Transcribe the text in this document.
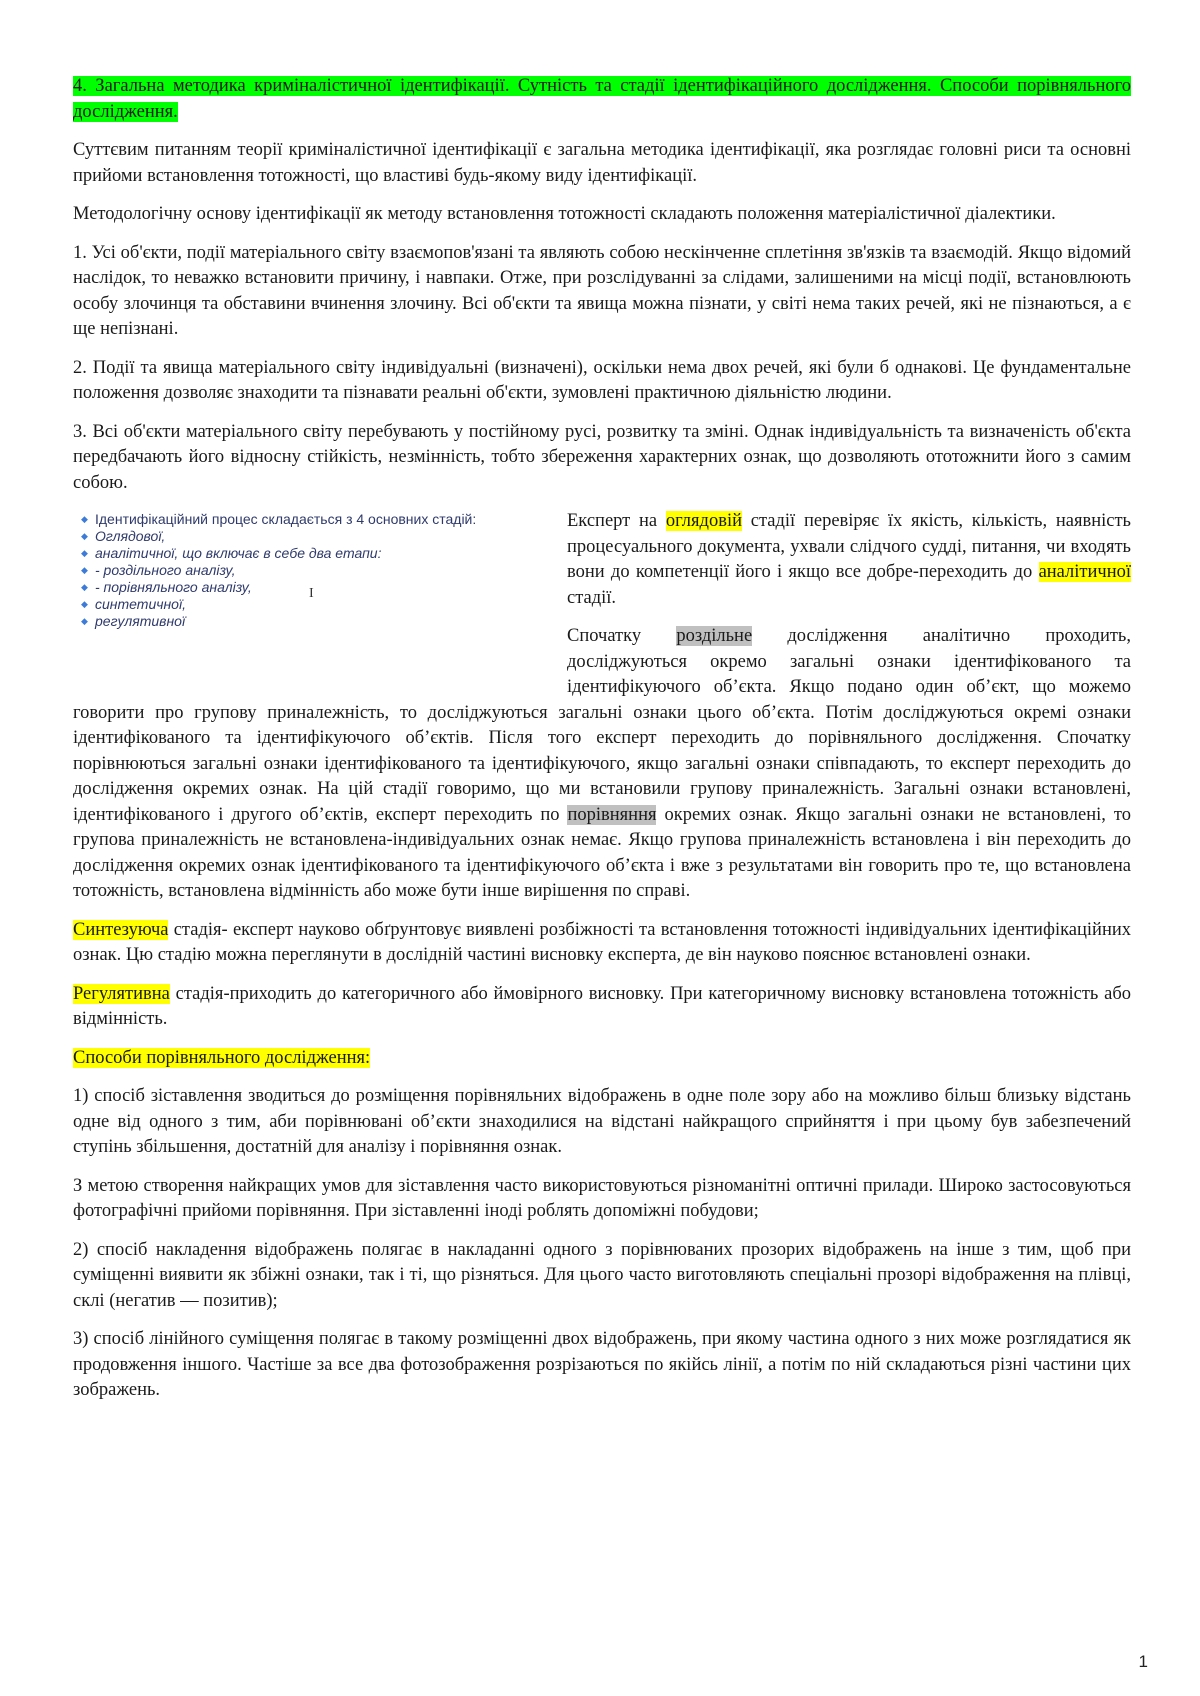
4. Загальна методика криміналістичної ідентифікації. Сутність та стадії ідентифікаційного дослідження. Способи порівняльного дослідження.

Суттєвим питанням теорії криміналістичної ідентифікації є загальна методика ідентифікації, яка розглядає головні риси та основні прийоми встановлення тотожності, що властиві будь-якому виду ідентифікації.

Методологічну основу ідентифікації як методу встановлення тотожності складають положення матеріалістичної діалектики.

1. Усі об'єкти, події матеріального світу взаємопов'язані та являють собою нескінченне сплетіння зв'язків та взаємодій. Якщо відомий наслідок, то неважко встановити причину, і навпаки. Отже, при розслідуванні за слідами, залишеними на місці події, встановлюють особу злочинця та обставини вчинення злочину. Всі об'єкти та явища можна пізнати, у світі нема таких речей, які не пізнаються, а є ще непізнані.

2. Події та явища матеріального світу індивідуальні (визначені), оскільки нема двох речей, які були б однакові. Це фундаментальне положення дозволяє знаходити та пізнавати реальні об'єкти, зумовлені практичною діяльністю людини.

3. Всі об'єкти матеріального світу перебувають у постійному русі, розвитку та зміні. Однак індивідуальність та визначеність об'єкта передбачають його відносну стійкість, незмінність, тобто збереження характерних ознак, що дозволяють ототожнити його з самим собою.

◆ Ідентифікаційний процес складається з 4 основних стадій:
◆ Оглядової,
◆ аналітичної, що включає в себе два етапи:
◆ - роздільного аналізу,
◆ - порівняльного аналізу,
◆ синтетичної,
◆ регулятивної
I

Експерт на оглядовій стадії перевіряє їх якість, кількість, наявність процесуального документа, ухвали слідчого судді, питання, чи входять вони до компетенції його і якщо все добре-переходить до аналітичної стадії.

Спочатку роздільне дослідження аналітично проходить, досліджуються окремо загальні ознаки ідентифікованого та ідентифікуючого об’єкта. Якщо подано один об’єкт, що можемо говорити про групову приналежність, то досліджуються загальні ознаки цього об’єкта. Потім досліджуються окремі ознаки ідентифікованого та ідентифікуючого об’єктів. Після того експерт переходить до порівняльного дослідження. Спочатку порівнюються загальні ознаки ідентифікованого та ідентифікуючого, якщо загальні ознаки співпадають, то експерт переходить до дослідження окремих ознак. На цій стадії говоримо, що ми встановили групову приналежність. Загальні ознаки встановлені, ідентифікованого і другого об’єктів, експерт переходить по порівняння окремих ознак. Якщо загальні ознаки не встановлені, то групова приналежність не встановлена-індивідуальних ознак немає. Якщо групова приналежність встановлена і він переходить до дослідження окремих ознак ідентифікованого та ідентифікуючого об’єкта і вже з результатами він говорить про те, що встановлена тотожність, встановлена відмінність або може бути інше вирішення по справі.

Синтезуюча стадія- експерт науково обґрунтовує виявлені розбіжності та встановлення тотожності індивідуальних ідентифікаційних ознак. Цю стадію можна переглянути в дослідній частині висновку експерта, де він науково пояснює встановлені ознаки.

Регулятивна стадія-приходить до категоричного або ймовірного висновку. При категоричному висновку встановлена тотожність або відмінність.

Способи порівняльного дослідження:

1) спосіб зіставлення зводиться до розміщення порівняльних відображень в одне поле зору або на можливо більш близьку відстань одне від одного з тим, аби порівнювані об’єкти знаходилися на відстані найкращого сприйняття і при цьому був забезпечений ступінь збільшення, достатній для аналізу і порівняння ознак.

З метою створення найкращих умов для зіставлення часто використовуються різноманітні оптичні прилади. Широко застосовуються фотографічні прийоми порівняння. При зіставленні іноді роблять допоміжні побудови;

2) спосіб накладення відображень полягає в накладанні одного з порівнюваних прозорих відображень на інше з тим, щоб при суміщенні виявити як збіжні ознаки, так і ті, що різняться. Для цього часто виготовляють спеціальні прозорі відображення на плівці, склі (негатив — позитив);

3) спосіб лінійного суміщення полягає в такому розміщенні двох відображень, при якому частина одного з них може розглядатися як продовження іншого. Частіше за все два фотозображення розрізаються по якійсь лінії, а потім по ній складаються різні частини цих зображень.

1
